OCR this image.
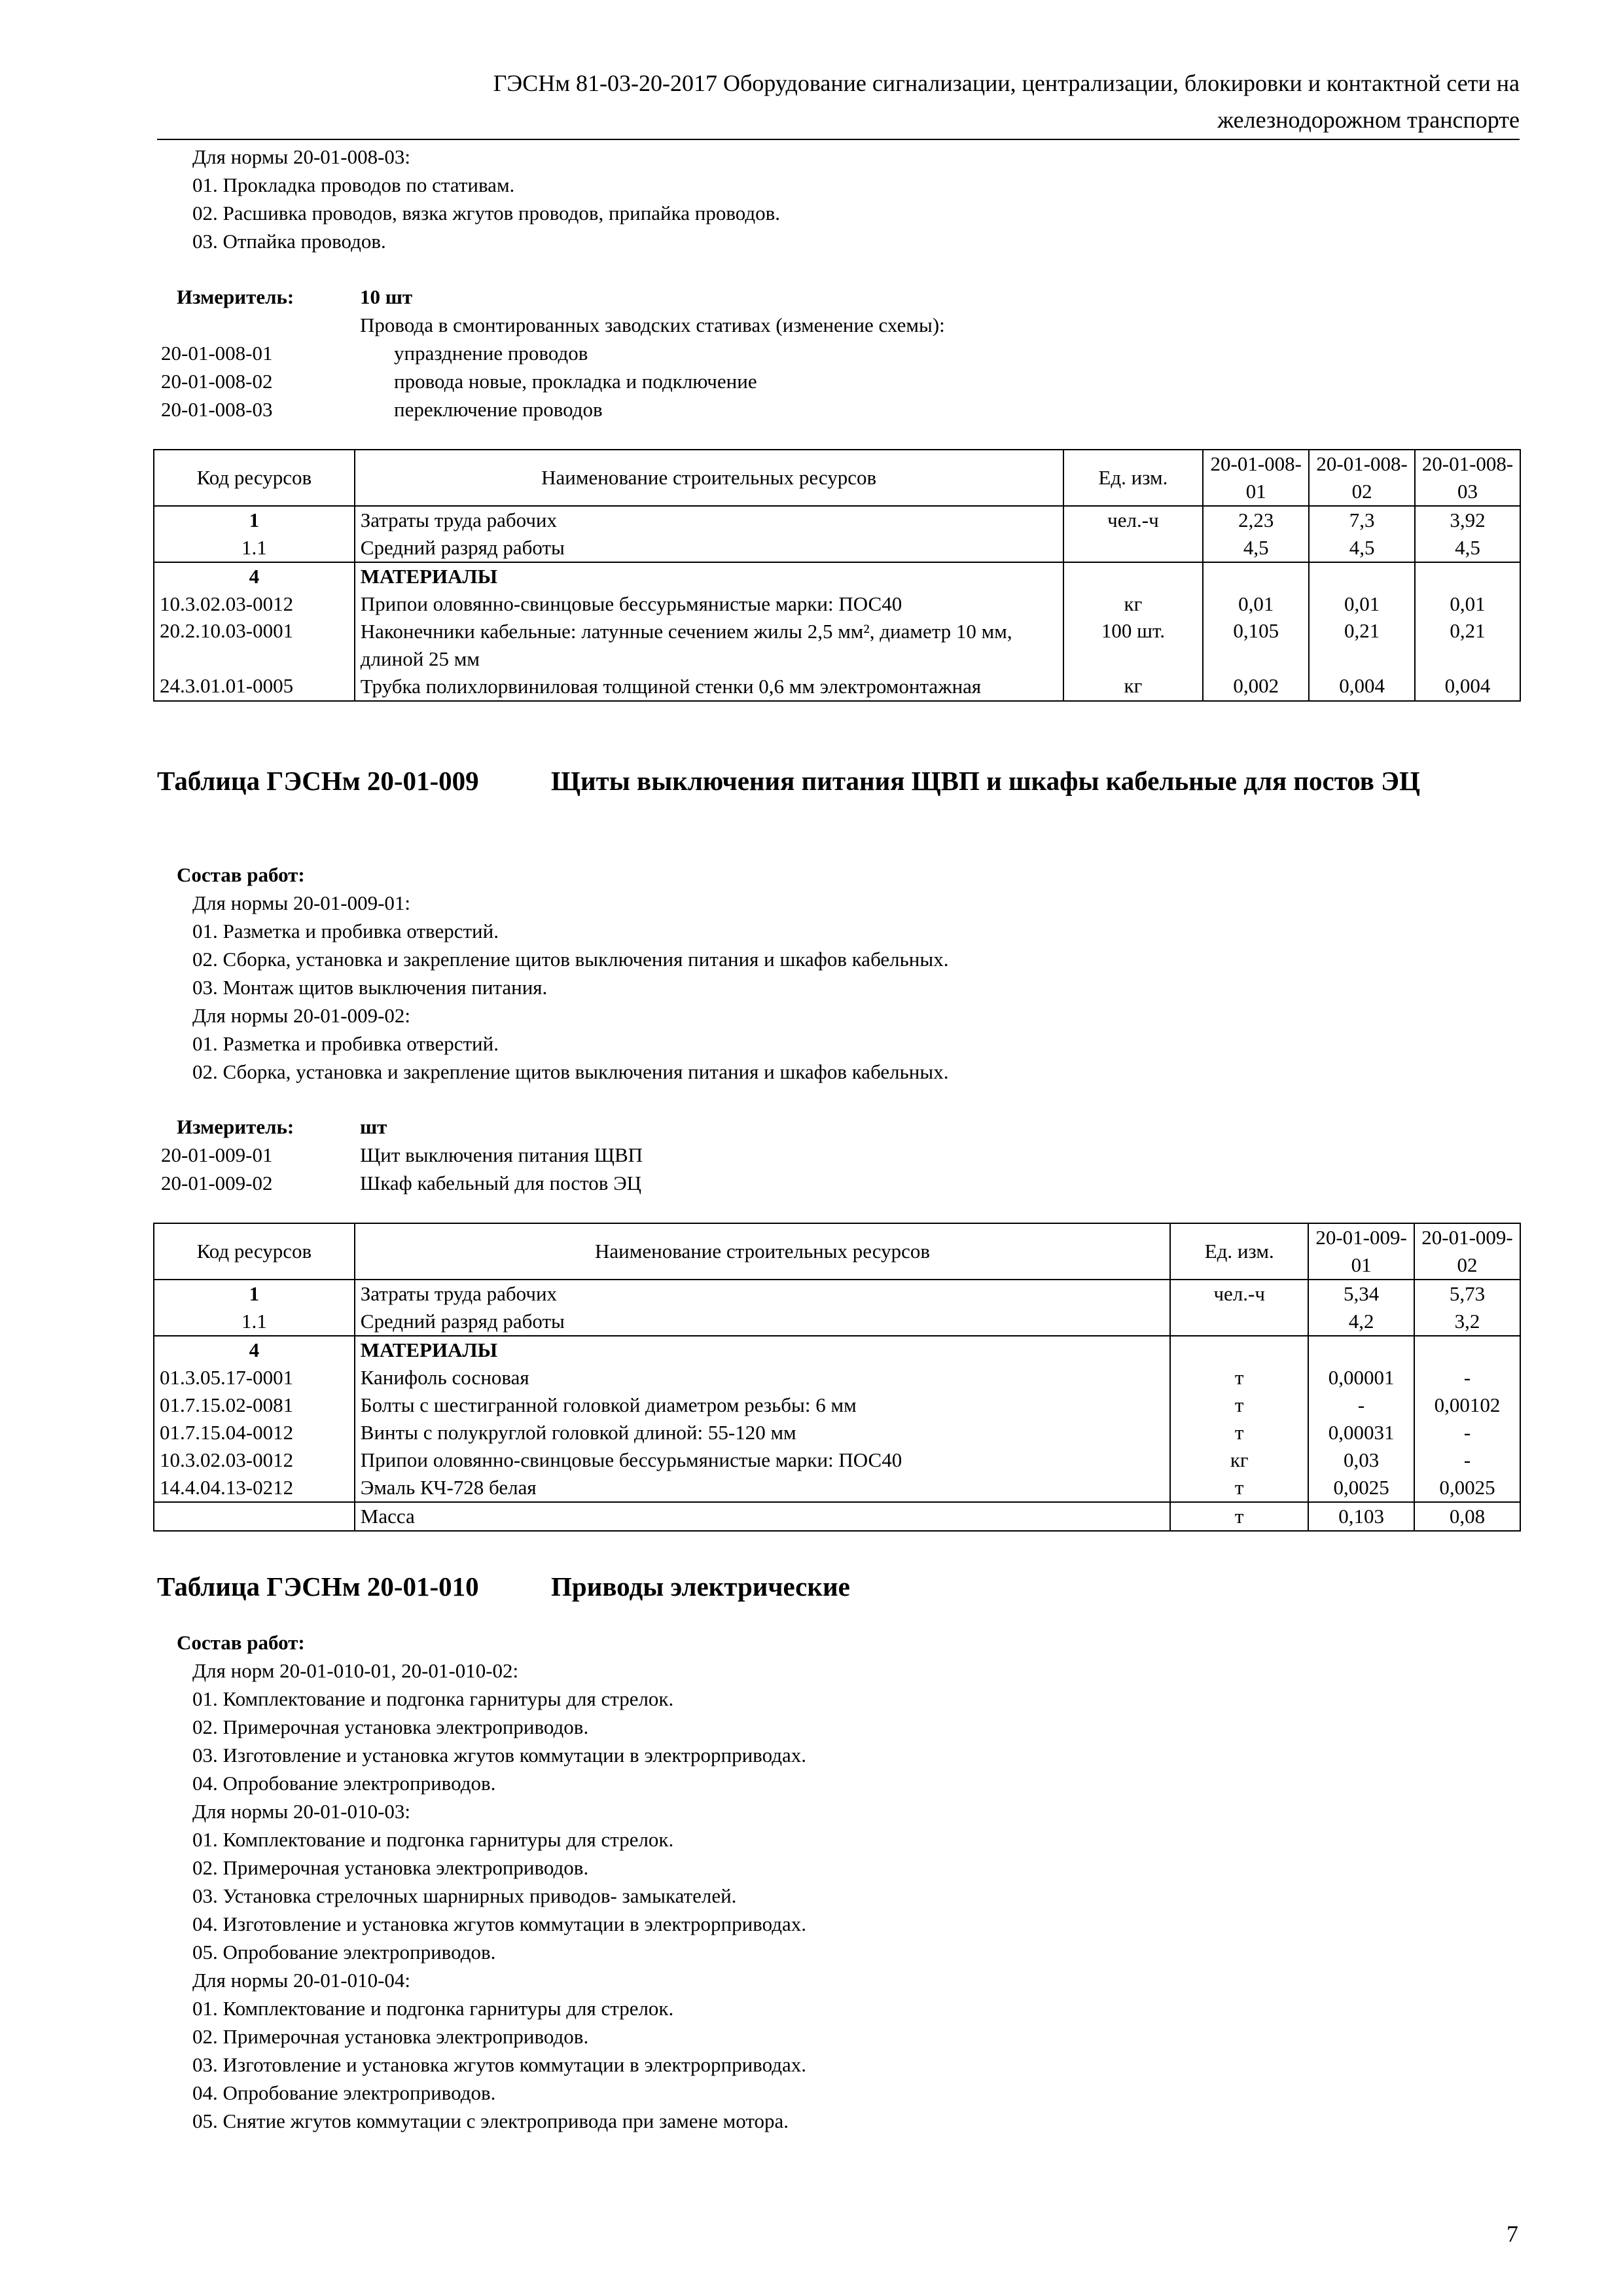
ГЭСНм 81-03-20-2017 Оборудование сигнализации, централизации, блокировки и контактной сети на
железнодорожном транспорте
Для нормы 20-01-008-03:
01. Прокладка проводов по стативам.
02. Расшивка проводов, вязка жгутов проводов, припайка проводов.
03. Отпайка проводов.
Измеритель:	10 шт
Провода в смонтированных заводских стативах (изменение схемы):
20-01-008-01	упразднение проводов
20-01-008-02	провода новые, прокладка и подключение
20-01-008-03	переключение проводов
Код ресурсов	Наименование строительных ресурсов	Ед. изм.	20-01-008-01	20-01-008-02	20-01-008-03
1	Затраты труда рабочих	чел.-ч	2,23	7,3	3,92
1.1	Средний разряд работы		4,5	4,5	4,5
4	МАТЕРИАЛЫ				
10.3.02.03-0012	Припои оловянно-свинцовые бессурьмянистые марки: ПОС40	кг	0,01	0,01	0,01
20.2.10.03-0001	Наконечники кабельные: латунные сечением жилы 2,5 мм², диаметр 10 мм, длиной 25 мм	100 шт.	0,105	0,21	0,21
24.3.01.01-0005	Трубка полихлорвиниловая толщиной стенки 0,6 мм электромонтажная	кг	0,002	0,004	0,004
Таблица ГЭСНм 20-01-009	Щиты выключения питания ЩВП и шкафы кабельные для постов ЭЦ
Состав работ:
Для нормы 20-01-009-01:
01. Разметка и пробивка отверстий.
02. Сборка, установка и закрепление щитов выключения питания и шкафов кабельных.
03. Монтаж щитов выключения питания.
Для нормы 20-01-009-02:
01. Разметка и пробивка отверстий.
02. Сборка, установка и закрепление щитов выключения питания и шкафов кабельных.
Измеритель:	шт
20-01-009-01	Щит выключения питания ЩВП
20-01-009-02	Шкаф кабельный для постов ЭЦ
Код ресурсов	Наименование строительных ресурсов	Ед. изм.	20-01-009-01	20-01-009-02
1	Затраты труда рабочих	чел.-ч	5,34	5,73
1.1	Средний разряд работы		4,2	3,2
4	МАТЕРИАЛЫ			
01.3.05.17-0001	Канифоль сосновая	т	0,00001	-
01.7.15.02-0081	Болты с шестигранной головкой диаметром резьбы: 6 мм	т	-	0,00102
01.7.15.04-0012	Винты с полукруглой головкой длиной: 55-120 мм	т	0,00031	-
10.3.02.03-0012	Припои оловянно-свинцовые бессурьмянистые марки: ПОС40	кг	0,03	-
14.4.04.13-0212	Эмаль КЧ-728 белая	т	0,0025	0,0025
	Масса	т	0,103	0,08
Таблица ГЭСНм 20-01-010	Приводы электрические
Состав работ:
Для норм 20-01-010-01, 20-01-010-02:
01. Комплектование и подгонка гарнитуры для стрелок.
02. Примерочная установка электроприводов.
03. Изготовление и установка жгутов коммутации в электрорприводах.
04. Опробование электроприводов.
Для нормы 20-01-010-03:
01. Комплектование и подгонка гарнитуры для стрелок.
02. Примерочная установка электроприводов.
03. Установка стрелочных шарнирных приводов- замыкателей.
04. Изготовление и установка жгутов коммутации в электрорприводах.
05. Опробование электроприводов.
Для нормы 20-01-010-04:
01. Комплектование и подгонка гарнитуры для стрелок.
02. Примерочная установка электроприводов.
03. Изготовление и установка жгутов коммутации в электрорприводах.
04. Опробование электроприводов.
05. Снятие жгутов коммутации с электропривода при замене мотора.
7
